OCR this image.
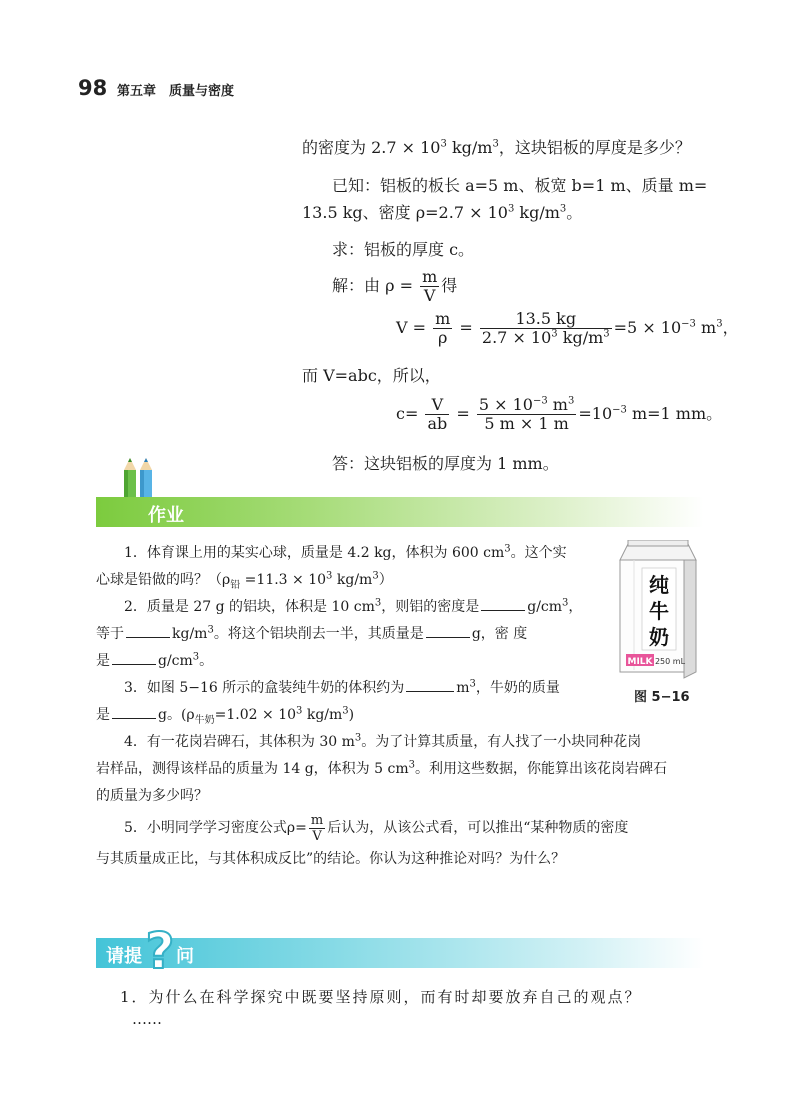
98 第五章　质量与密度
的密度为 $2.7 \times 10^3$ $kg/m^3$，这块铝板的厚度是多少？
已知：铝板的板长 a=5 m、板宽 b=1 m、质量 m=
13.5 kg、密度 $\rho=2.7 \times 10^3$ $kg/m^3$。
求：铝板的厚度 c。
解：由 $\rho = \frac{m}{V}$ 得
$V = \frac{m}{\rho} = \frac{13.5 kg}{2.7 \times 10^3 kg/m^3} =5 \times 10^{-3}$ $m^3$，
而 V=abc，所以，
$c= \frac{V}{ab} = \frac{5 \times 10^{-3} m^3}{5 m \times 1 m} =10^{-3}$ m=1 mm。
答：这块铝板的厚度为 1 mm。
作业

1．体育课上用的某实心球，质量是 4.2 kg，体积为 600 $cm^3$。这个实

心球是铅做的吗？（$\rho_铅 =11.3 \times 10^3$ $kg/m^3$）

2．质量是 27 g 的铝块，体积是 10 $cm^3$，则铝的密度是	$g/cm^3$，

等于	$kg/m^3$。将这个铝块削去一半，其质量是	g，密 度

是	$g/cm^3$。

3．如图 5−16 所示的盒装纯牛奶的体积约为	$m^3$，牛奶的质量

是	g。($\rho_{牛奶}=1.02 \times 10^3$ $kg/m^3$)

4．有一花岗岩碑石，其体积为 30 $m^3$。为了计算其质量，有人找了一小块同种花岗

岩样品，测得该样品的质量为 14 g，体积为 5 $cm^3$。利用这些数据，你能算出该花岗岩碑石

的质量为多少吗？

5．小明同学学习密度公式$\rho= \frac{m}{V}$ 后认为，从该公式看，可以推出“某种物质的密度

与其质量成正比，与其体积成反比”的结论。你认为这种推论对吗？为什么？

纯
牛
奶
MILK 250 mL
图 5−16
请提 ? 问
1．为什么在科学探究中既要坚持原则，而有时却要放弃自己的观点？
……
